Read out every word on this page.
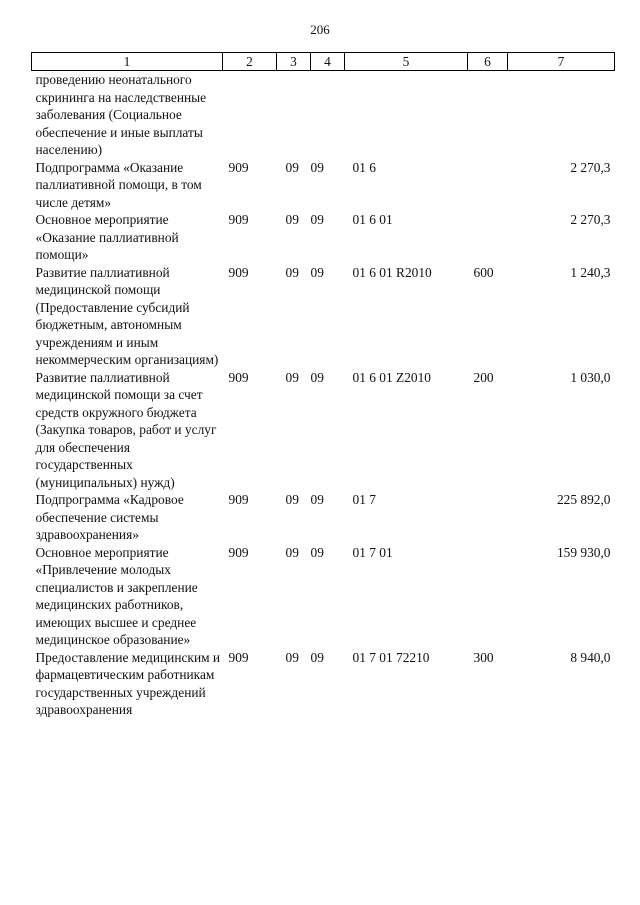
206
1	2	3	4	5	6	7
проведению неонатального скрининга на наследственные заболевания (Социальное обеспечение и иные выплаты населению)						
Подпрограмма «Оказание паллиативной помощи, в том числе детям»	909	09	09	01 6		2 270,3
Основное мероприятие «Оказание паллиативной помощи»	909	09	09	01 6 01		2 270,3
Развитие паллиативной медицинской помощи (Предоставление субсидий бюджетным, автономным учреждениям и иным некоммерческим организациям)	909	09	09	01 6 01 R2010	600	1 240,3
Развитие паллиативной медицинской помощи за счет средств окружного бюджета (Закупка товаров, работ и услуг для обеспечения государственных (муниципальных) нужд)	909	09	09	01 6 01 Z2010	200	1 030,0
Подпрограмма «Кадровое обеспечение системы здравоохранения»	909	09	09	01 7		225 892,0
Основное мероприятие «Привлечение молодых специалистов и закрепление медицинских работников, имеющих высшее и среднее медицинское образование»	909	09	09	01 7 01		159 930,0
Предоставление медицинским и фармацевтическим работникам государственных учреждений здравоохранения	909	09	09	01 7 01 72210	300	8 940,0
